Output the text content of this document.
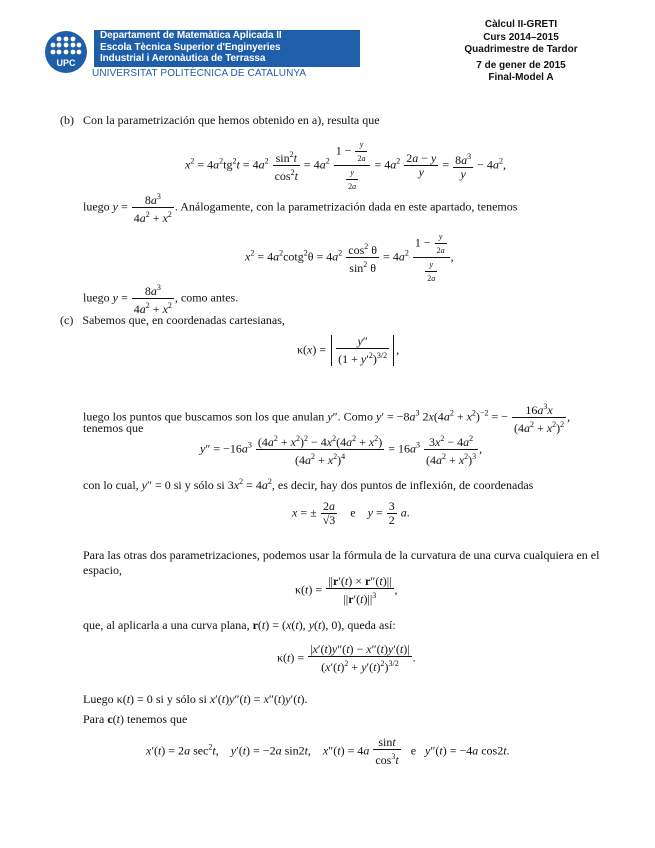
UPC
Departament de Matemàtica Aplicada II
Escola Tècnica Superior d'Enginyeries
Industrial i Aeronàutica de Terrassa
UNIVERSITAT POLITÈCNICA DE CATALUNYA
Càlcul II-GRETI
Curs 2014–2015
Quadrimestre de Tardor
7 de gener de 2015
Final-Model A
(b) Con la parametrización que hemos obtenido en a), resulta que
$x^2 = 4a^2tg^2t = 4a^2 \frac{\sin^2t}{\cos^2t} = 4a^2 \frac{1 - \frac{y}{2a}}{\frac{y}{2a}} = 4a^2 \frac{2a - y}{y} = \frac{8a^3}{y} - 4a^2$,
luego $y = \frac{8a^3}{4a^2 + x^2}$ . Análogamente, con la parametrización dada en este apartado, tenemos
$x^2 = 4a^2\cot g^2\theta = 4a^2 \frac{\cos^2 \theta}{\sin^2 \theta} = 4a^2 \frac{1 - \frac{y}{2a}}{\frac{y}{2a}}$ ,
luego $y = \frac{8a^3}{4a^2 + x^2}$ , como antes.
(c) Sabemos que, en coordenadas cartesianas,
$\kappa(x) = \frac{y''}{(1 + y'^2)^{3/2}}$ ,
luego los puntos que buscamos son los que anulan y″. Como $y' = -8a^3$ $2x(4a^2 + x^2)^{-2}$ = − $\frac{16a^3x}{(4a^2 + x^2)^2}$ ,
tenemos que
$y'' = -16a^3 \frac{(4a^2 + x^2)^2 - 4x^2(4a^2 + x^2)}{(4a^2 + x^2)^4} = 16a^3 \frac{3x^2 - 4a^2}{(4a^2 + x^2)^3}$ ,
con lo cual, y″ = 0 si y sólo si $3x^2 = 4a^2$, es decir, hay dos puntos de inflexión, de coordenadas
x = ± $\frac{2a}{√3}$ e $y = \frac{3}{2} a$.
Para las otras dos parametrizaciones, podemos usar la fórmula de la curvatura de una curva cualquiera en el
espacio,
$\kappa(t) = \frac{||r'(t) \times r''(t)||}{||r'(t)||^3}$ ,
que, al aplicarla a una curva plana, r(t) = (x(t), y(t), 0), queda así:
$\kappa(t) = \frac{|x'(t)y''(t) - x''(t)y'(t)|}{(x'(t)^2 + y'(t)^2)^{3/2}}$ .
Luego κ(t) = 0 si y sólo si x′(t)y″(t) = x″(t)y′(t).
Para c(t) tenemos que
x′(t) = 2a $\sec^2t$,    y′(t) = −2a sin2t,    $x''(t) = 4a \frac{\sin t}{\cos^3t}$ e y″(t) = −4a cos2t.
